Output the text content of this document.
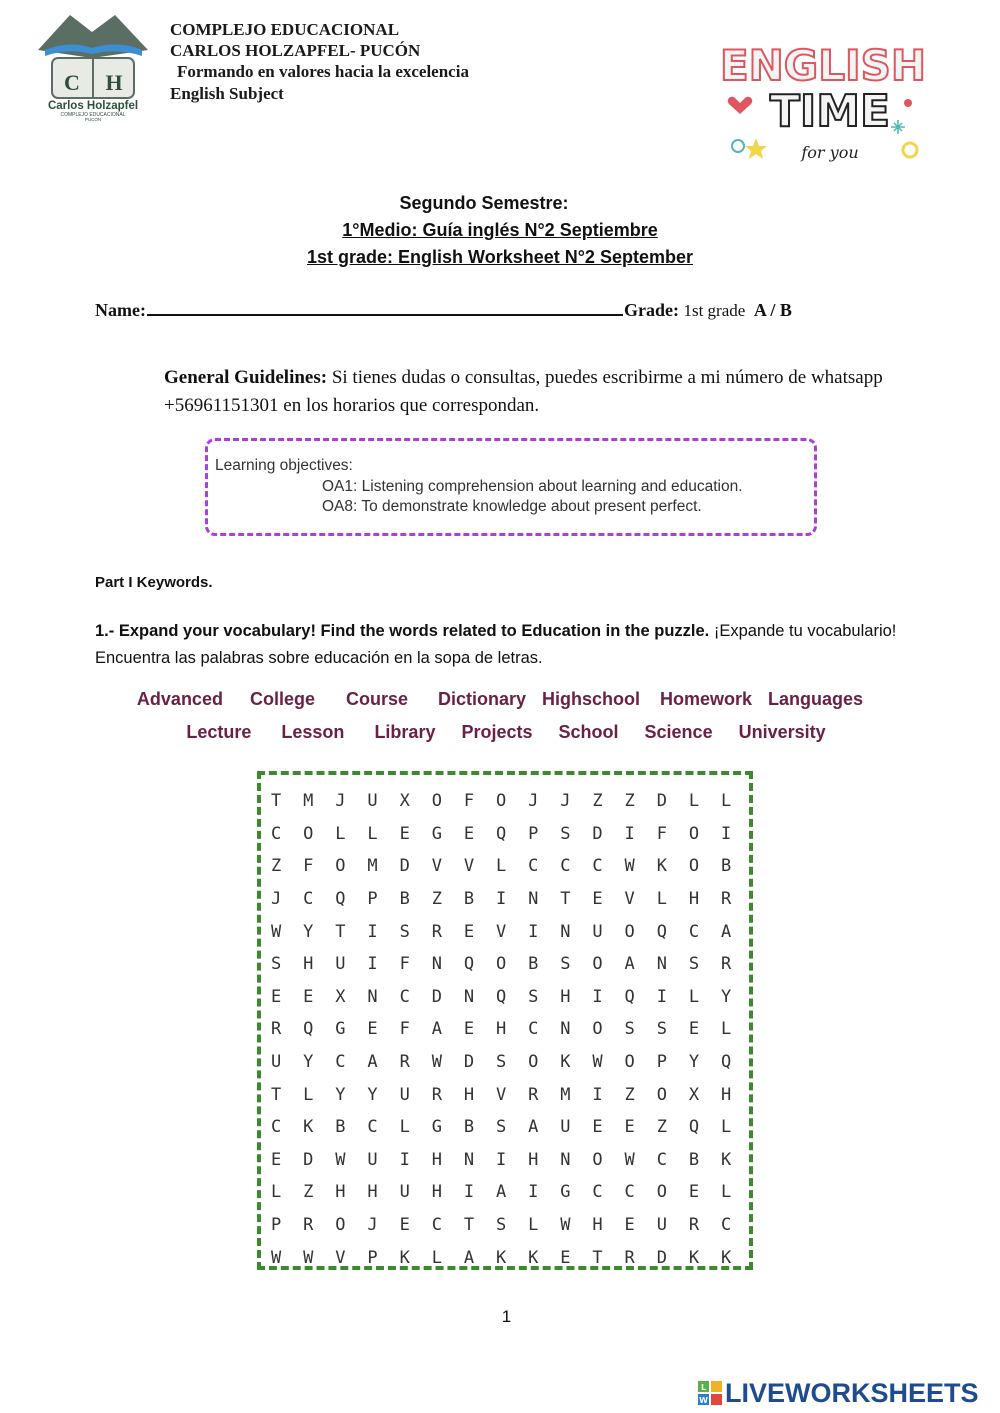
C H
Carlos Holzapfel
COMPLEJO EDUCACIONAL
PUCÓN
COMPLEJO EDUCACIONAL
CARLOS HOLZAPFEL- PUCÓN
Formando en valores hacia la excelencia
English Subject
ENGLISH
TIME
for you
Segundo Semestre:
1°Medio: Guía inglés N°2 Septiembre
1st grade: English Worksheet N°2 September
Name:	Grade: 1st grade A / B
General Guidelines: Si tienes dudas o consultas, puedes escribirme a mi número de whatsapp +56961151301 en los horarios que correspondan.
Learning objectives:
OA1: Listening comprehension about learning and education.
OA8: To demonstrate knowledge about present perfect.
Part I Keywords.
1.- Expand your vocabulary! Find the words related to Education in the puzzle. ¡Expande tu vocabulario! Encuentra las palabras sobre educación en la sopa de letras.
Advanced College Course Dictionary Highschool Homework Languages
Lecture Lesson Library Projects School Science University
T	M	J	U	X	O	F	O	J	J	Z	Z	D	L	L
C	O	L	L	E	G	E	Q	P	S	D	I	F	O	I
Z	F	O	M	D	V	V	L	C	C	C	W	K	O	B
J	C	Q	P	B	Z	B	I	N	T	E	V	L	H	R
W	Y	T	I	S	R	E	V	I	N	U	O	Q	C	A
S	H	U	I	F	N	Q	O	B	S	O	A	N	S	R
E	E	X	N	C	D	N	Q	S	H	I	Q	I	L	Y
R	Q	G	E	F	A	E	H	C	N	O	S	S	E	L
U	Y	C	A	R	W	D	S	O	K	W	O	P	Y	Q
T	L	Y	Y	U	R	H	V	R	M	I	Z	O	X	H
C	K	B	C	L	G	B	S	A	U	E	E	Z	Q	L
E	D	W	U	I	H	N	I	H	N	O	W	C	B	K
L	Z	H	H	U	H	I	A	I	G	C	C	O	E	L
P	R	O	J	E	C	T	S	L	W	H	E	U	R	C
W	W	V	P	K	L	A	K	K	E	T	R	D	K	K
1
L
W LIVEWORKSHEETS
